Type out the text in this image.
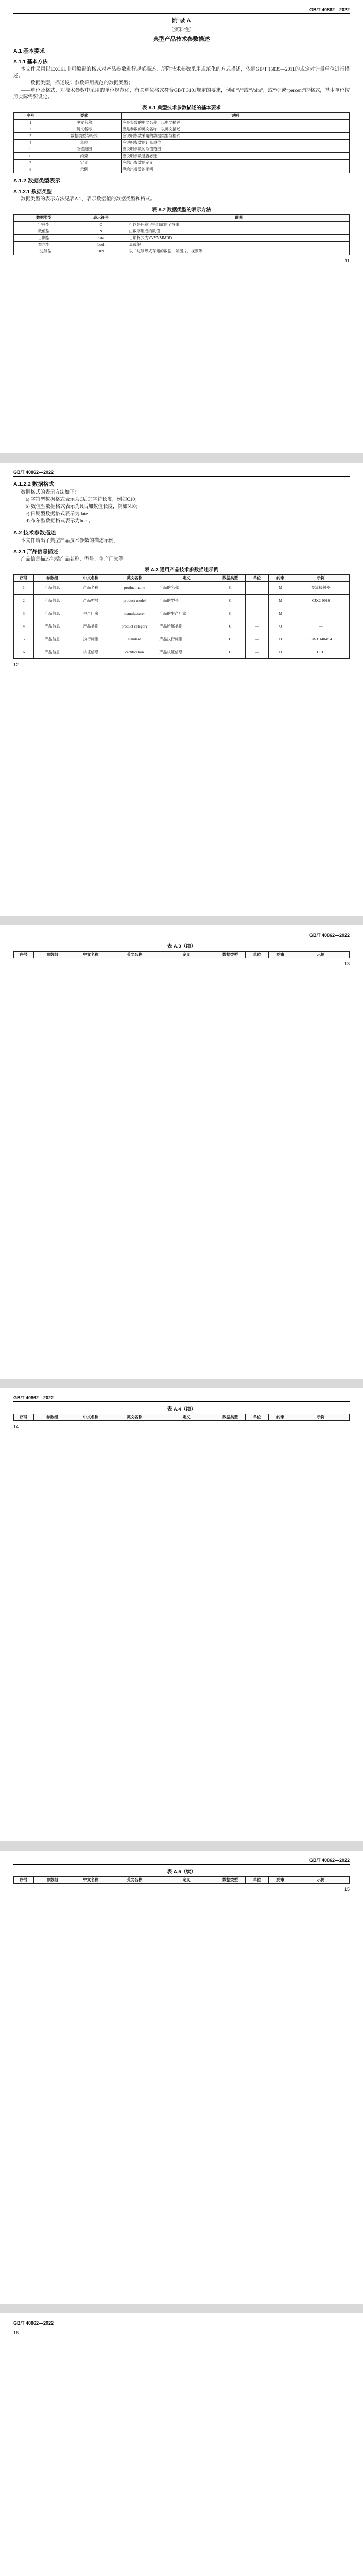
GB/T 40862—2022
附 录 A
（资料性）
典型产品技术参数描述
A.1 基本要求
A.1.1 基本方法

本文件采用以EXCEL中可编辑的格式对产品参数进行规范描述，所附技术参数采用规范化的方式描述，依据GB/T 15835—2011的规定对计量单位进行描述。

——数据类型，描述设计参数采用规范的数据类型；

——单位及格式，对技术参数中采用的单位规范化，有关单位格式符合GB/T 3101规定的要求，例如“V”或“Volts”，或“%”或“percent”的格式，基本单位按照实际需要设定。

表 A.1 典型技术参数描述的基本要求
序号	要素	说明
1	中文名称	应是参数的中文名称，以中文描述
2	英文名称	应是参数的英文名称，以英文描述
3	数据类型与格式	应说明参数采用的数据类型与格式
4	单位	应说明参数的计量单位
5	取值范围	应说明参数的取值范围
6	约束	应说明参数是否必选
7	定义	应给出参数的定义
8	示例	应给出参数的示例
A.1.2 数据类型表示
A.1.2.1 数据类型

数据类型的表示方法见表A.2，表示数据值的数据类型和格式。

表 A.2 数据类型的表示方法
数据类型	表示符号	说明
字符型	C	可以是任意字符组成的字符串
数值型	N	由数字组成的数值
日期型	date	日期格式为YYYYMMDD
布尔型	bool	真或假
二进制型	BIN	以二进制形式存储的数据，如图片、视频等
11
GB/T 40862—2022
A.1.2.2 数据格式

数据格式的表示方法如下：

a) 字符型数据格式表示为C后加字符长度，例如C10；
b) 数值型数据格式表示为N后加数值长度，例如N10；
c) 日期型数据格式表示为date；
d) 布尔型数据格式表示为bool。
A.2 技术参数描述

本文件给出了典型产品技术参数的描述示例。

A.2.1 产品信息描述

产品信息描述包括产品名称、型号、生产厂家等。

表 A.3 通用产品技术参数描述示例
序号	参数组	中文名称	英文名称	定义	数据类型	单位	约束	示例
1	产品信息	产品名称	product name	产品的名称	C	—	M	交流接触器
2	产品信息	产品型号	product model	产品的型号	C	—	M	CJX2-0910
3	产品信息	生产厂家	manufacturer	产品的生产厂家	C	—	M	—
4	产品信息	产品类别	product category	产品所属类别	C	—	O	—
5	产品信息	执行标准	standard	产品执行标准	C	—	O	GB/T 14048.4
6	产品信息	认证信息	certification	产品认证信息	C	—	O	CCC
12
GB/T 40862—2022
表 A.3（续）
序号	参数组	中文名称	英文名称	定义	数据类型	单位	约束	示例
13
GB/T 40862—2022
表 A.4（续）
序号	参数组	中文名称	英文名称	定义	数据类型	单位	约束	示例
14
GB/T 40862—2022
表 A.5（续）
序号	参数组	中文名称	英文名称	定义	数据类型	单位	约束	示例
15
GB/T 40862—2022
16
